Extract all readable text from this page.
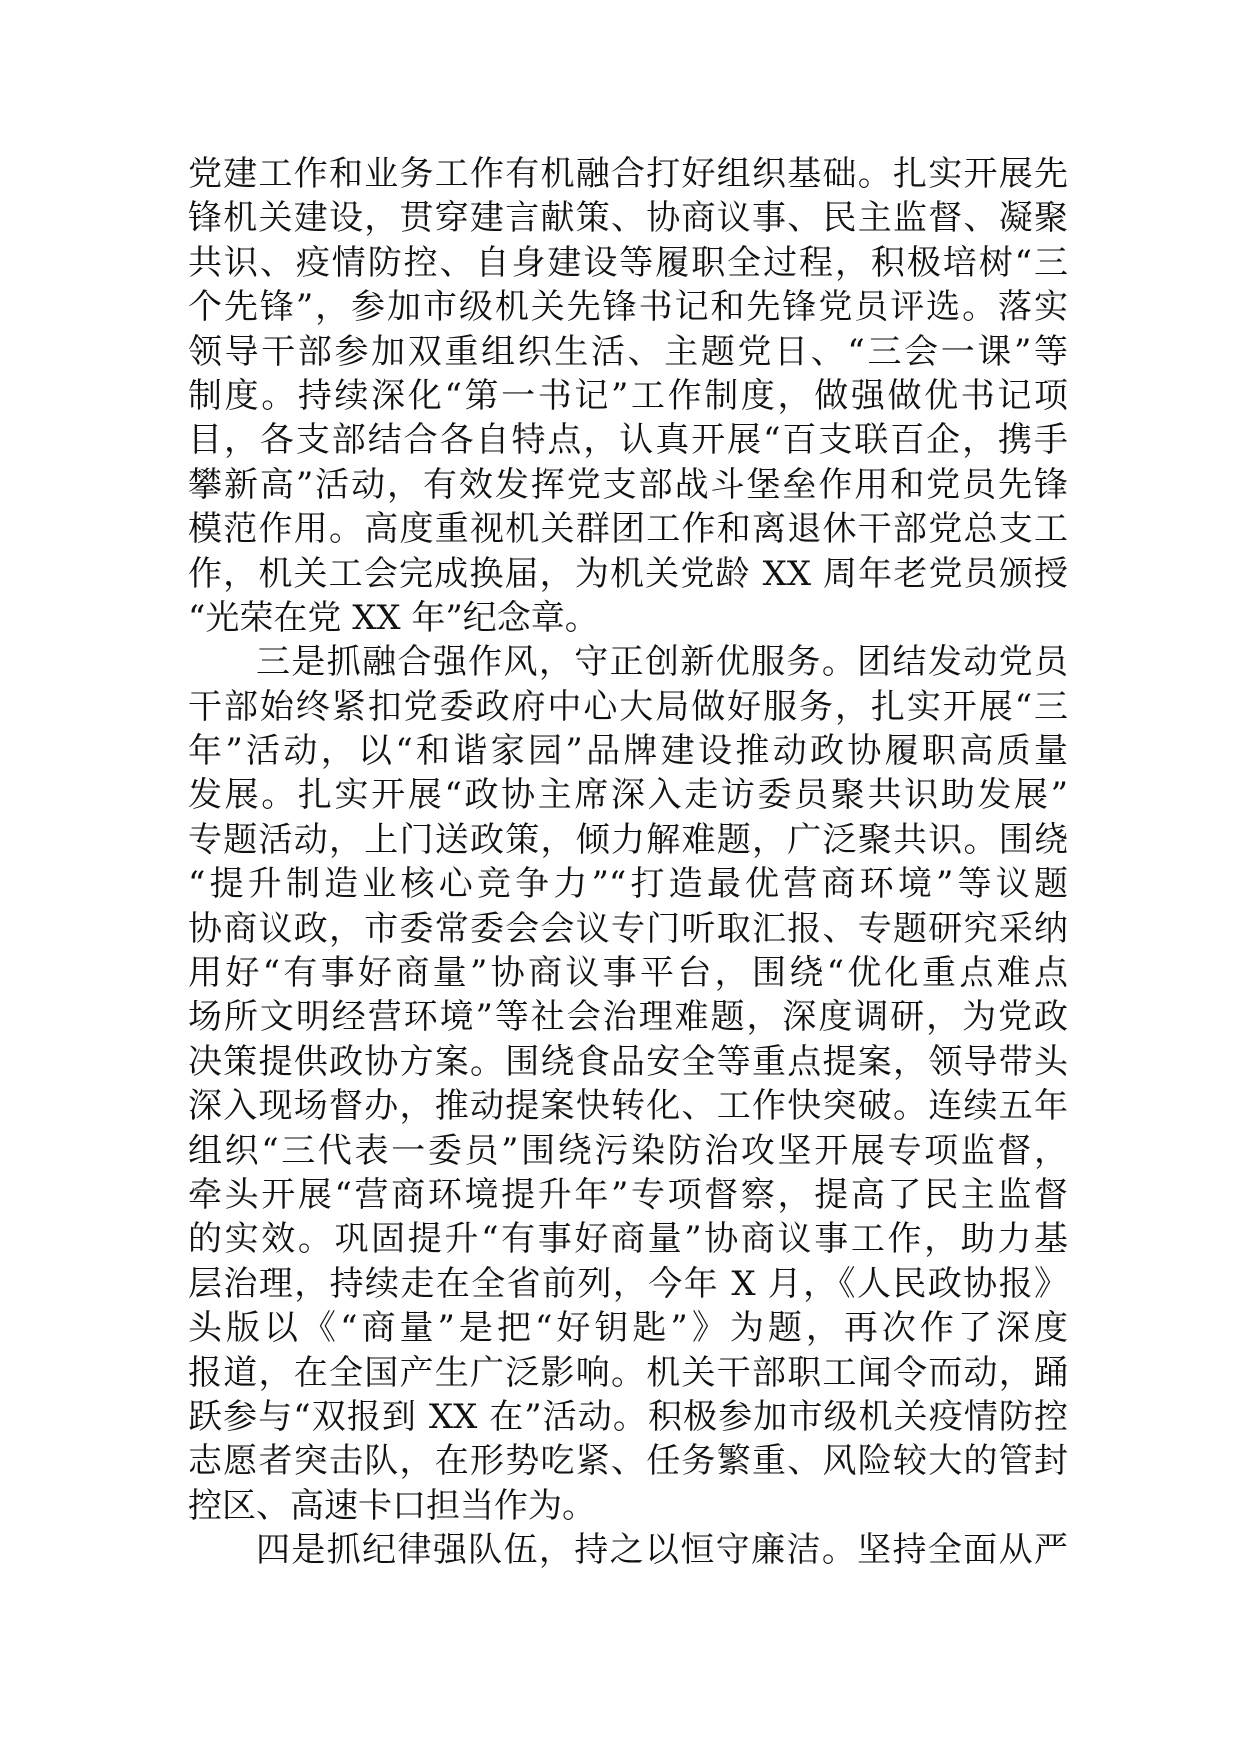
党建工作和业务工作有机融合打好组织基础。扎实开展先
锋机关建设，贯穿建言献策、协商议事、民主监督、凝聚
共识、疫情防控、自身建设等履职全过程，积极培树“三
个先锋”，参加市级机关先锋书记和先锋党员评选。落实
领导干部参加双重组织生活、主题党日、“三会一课”等
制度。持续深化“第一书记”工作制度，做强做优书记项
目，各支部结合各自特点，认真开展“百支联百企，携手
攀新高”活动，有效发挥党支部战斗堡垒作用和党员先锋
模范作用。高度重视机关群团工作和离退休干部党总支工
作，机关工会完成换届，为机关党龄 XX 周年老党员颁授
“光荣在党 XX 年”纪念章。
三是抓融合强作风，守正创新优服务。团结发动党员
干部始终紧扣党委政府中心大局做好服务，扎实开展“三
年”活动，以“和谐家园”品牌建设推动政协履职高质量
发展。扎实开展“政协主席深入走访委员聚共识助发展”
专题活动，上门送政策，倾力解难题，广泛聚共识。围绕
“提升制造业核心竞争力”“打造最优营商环境”等议题
协商议政，市委常委会会议专门听取汇报、专题研究采纳
用好“有事好商量”协商议事平台，围绕“优化重点难点
场所文明经营环境”等社会治理难题，深度调研，为党政
决策提供政协方案。围绕食品安全等重点提案，领导带头
深入现场督办，推动提案快转化、工作快突破。连续五年
组织“三代表一委员”围绕污染防治攻坚开展专项监督，
牵头开展“营商环境提升年”专项督察，提高了民主监督
的实效。巩固提升“有事好商量”协商议事工作，助力基
层治理，持续走在全省前列，今年 X 月，《人民政协报》
头版以《“商量”是把“好钥匙”》为题，再次作了深度
报道，在全国产生广泛影响。机关干部职工闻令而动，踊
跃参与“双报到 XX 在”活动。积极参加市级机关疫情防控
志愿者突击队，在形势吃紧、任务繁重、风险较大的管封
控区、高速卡口担当作为。
四是抓纪律强队伍，持之以恒守廉洁。坚持全面从严
